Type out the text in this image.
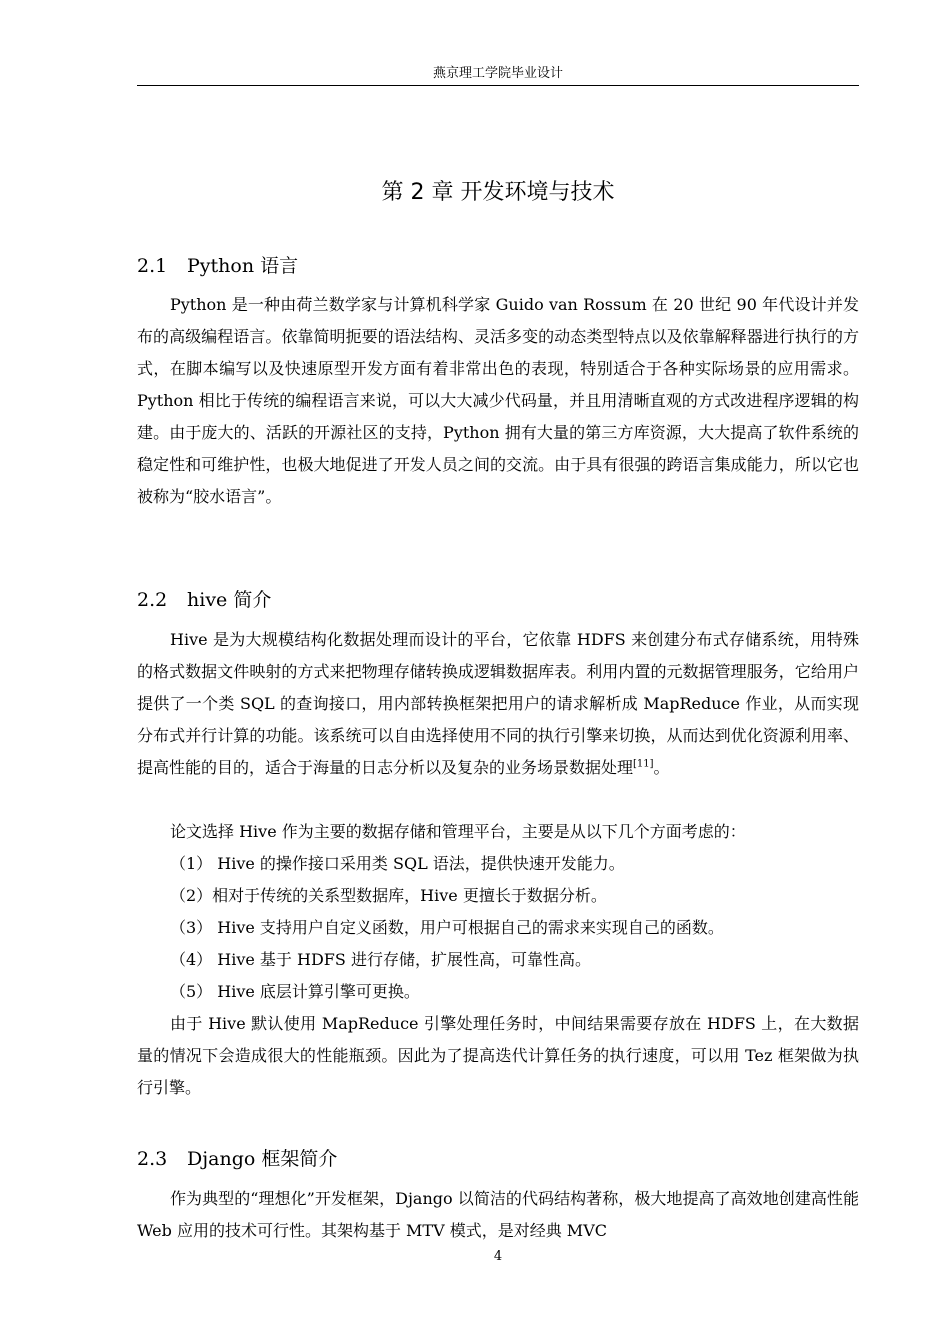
燕京理工学院毕业设计
第 2 章 开发环境与技术
2.1 Python 语言

Python 是一种由荷兰数学家与计算机科学家 Guido van Rossum 在 20 世纪 90 年代设计并发布的高级编程语言。依靠简明扼要的语法结构、灵活多变的动态类型特点以及依靠解释器进行执行的方式，在脚本编写以及快速原型开发方面有着非常出色的表现，特别适合于各种实际场景的应用需求。Python 相比于传统的编程语言来说，可以大大减少代码量，并且用清晰直观的方式改进程序逻辑的构建。由于庞大的、活跃的开源社区的支持，Python 拥有大量的第三方库资源，大大提高了软件系统的稳定性和可维护性，也极大地促进了开发人员之间的交流。由于具有很强的跨语言集成能力，所以它也被称为“胶水语言”。

2.2 hive 简介

Hive 是为大规模结构化数据处理而设计的平台，它依靠 HDFS 来创建分布式存储系统，用特殊的格式数据文件映射的方式来把物理存储转换成逻辑数据库表。利用内置的元数据管理服务，它给用户提供了一个类 SQL 的查询接口，用内部转换框架把用户的请求解析成 MapReduce 作业，从而实现分布式并行计算的功能。该系统可以自由选择使用不同的执行引擎来切换，从而达到优化资源利用率、提高性能的目的，适合于海量的日志分析以及复杂的业务场景数据处理[11]。

论文选择 Hive 作为主要的数据存储和管理平台，主要是从以下几个方面考虑的：
（1） Hive 的操作接口采用类 SQL 语法，提供快速开发能力。
（2）相对于传统的关系型数据库，Hive 更擅长于数据分析。
（3） Hive 支持用户自定义函数，用户可根据自己的需求来实现自己的函数。
（4） Hive 基于 HDFS 进行存储，扩展性高，可靠性高。
（5） Hive 底层计算引擎可更换。

由于 Hive 默认使用 MapReduce 引擎处理任务时，中间结果需要存放在 HDFS 上，在大数据量的情况下会造成很大的性能瓶颈。因此为了提高迭代计算任务的执行速度，可以用 Tez 框架做为执行引擎。

2.3 Django 框架简介

作为典型的“理想化”开发框架，Django 以简洁的代码结构著称，极大地提高了高效地创建高性能 Web 应用的技术可行性。其架构基于 MTV 模式，是对经典 MVC

4
